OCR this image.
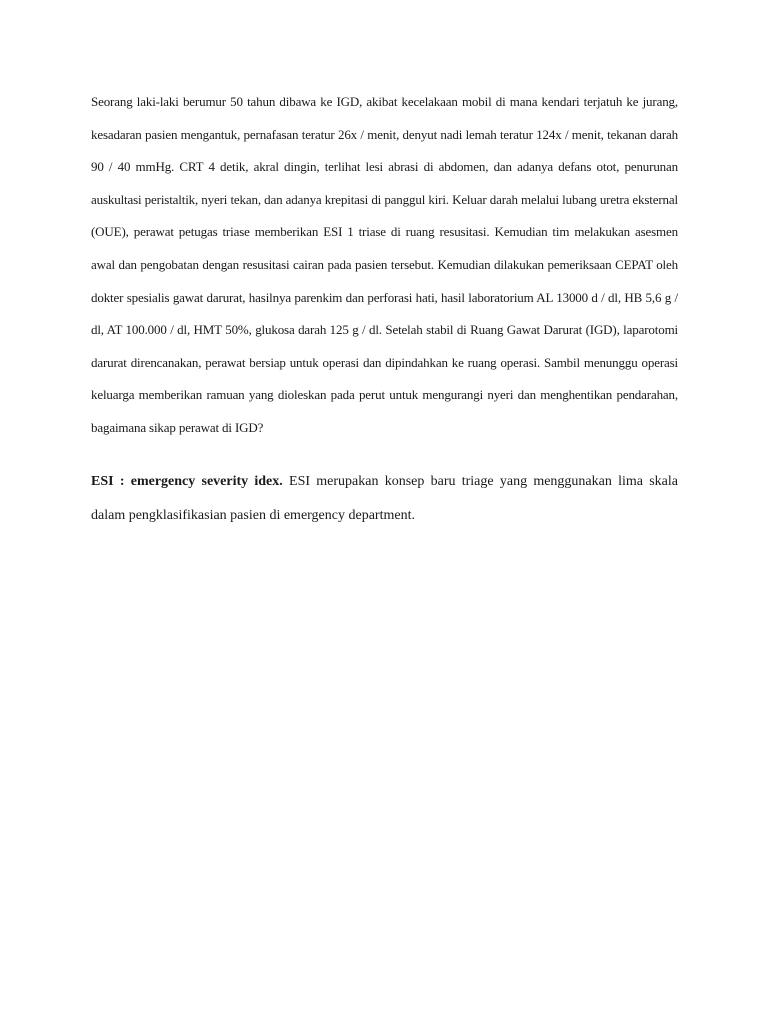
Seorang laki-laki berumur 50 tahun dibawa ke IGD, akibat kecelakaan mobil di mana kendari terjatuh ke jurang, kesadaran pasien mengantuk, pernafasan teratur 26x / menit, denyut nadi lemah teratur 124x / menit, tekanan darah 90 / 40 mmHg. CRT 4 detik, akral dingin, terlihat lesi abrasi di abdomen, dan adanya defans otot, penurunan auskultasi peristaltik, nyeri tekan, dan adanya krepitasi di panggul kiri. Keluar darah melalui lubang uretra eksternal (OUE), perawat petugas triase memberikan ESI 1 triase di ruang resusitasi. Kemudian tim melakukan asesmen awal dan pengobatan dengan resusitasi cairan pada pasien tersebut. Kemudian dilakukan pemeriksaan CEPAT oleh dokter spesialis gawat darurat, hasilnya parenkim dan perforasi hati, hasil laboratorium AL 13000 d / dl, HB 5,6 g / dl, AT 100.000 / dl, HMT 50%, glukosa darah 125 g / dl. Setelah stabil di Ruang Gawat Darurat (IGD), laparotomi darurat direncanakan, perawat bersiap untuk operasi dan dipindahkan ke ruang operasi. Sambil menunggu operasi keluarga memberikan ramuan yang dioleskan pada perut untuk mengurangi nyeri dan menghentikan pendarahan, bagaimana sikap perawat di IGD?

ESI : emergency severity idex. ESI merupakan konsep baru triage yang menggunakan lima skala dalam pengklasifikasian pasien di emergency department.
